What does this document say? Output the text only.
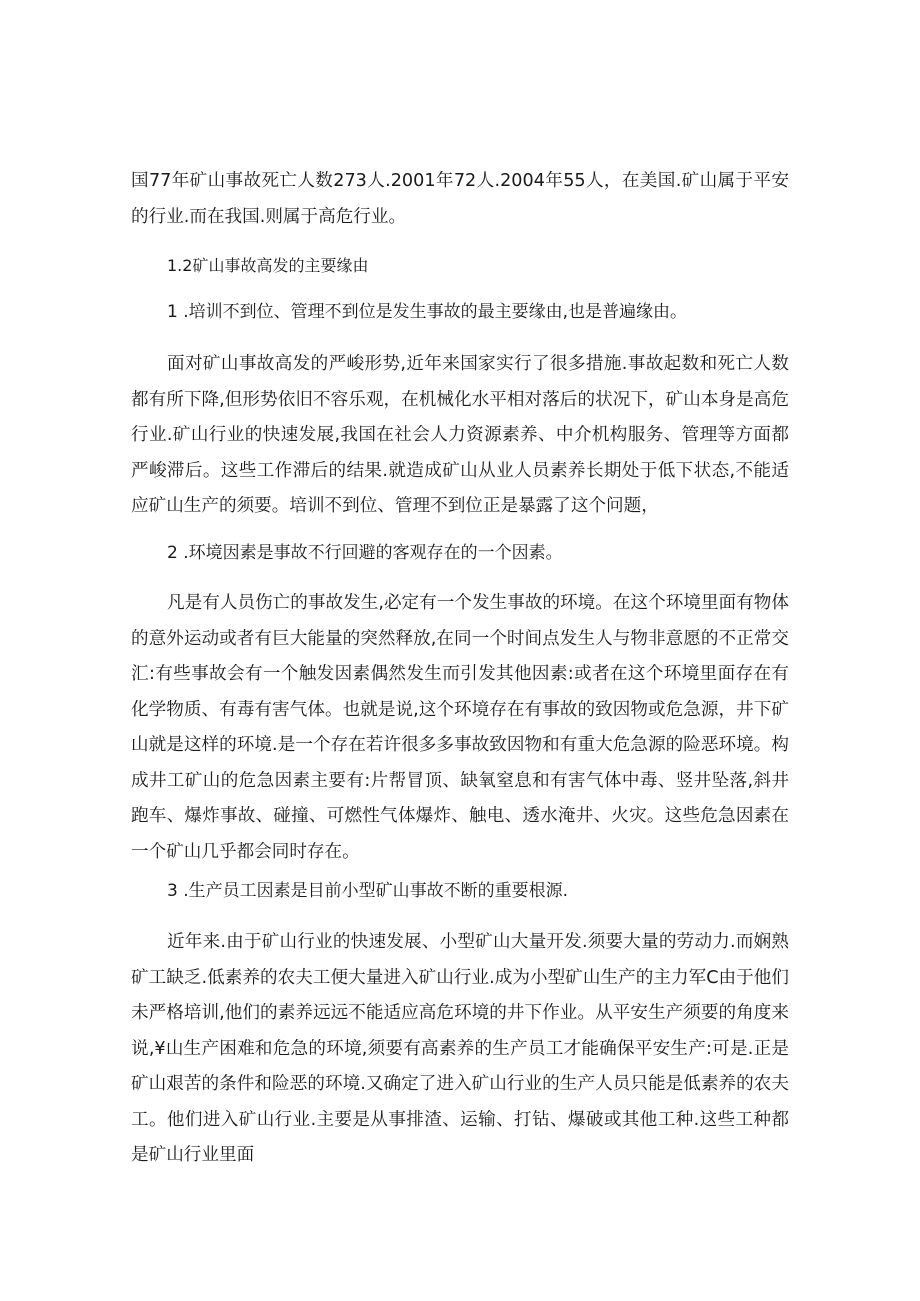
国77年矿山事故死亡人数273人.2001年72人.2004年55人，在美国.矿山属于平安的行业.而在我国.则属于高危行业。

1.2矿山事故高发的主要缘由

1 .培训不到位、管理不到位是发生事故的最主要缘由,也是普遍缘由。

面对矿山事故高发的严峻形势,近年来国家实行了很多措施.事故起数和死亡人数都有所下降,但形势依旧不容乐观，在机械化水平相对落后的状况下，矿山本身是高危行业.矿山行业的快速发展,我国在社会人力资源素养、中介机构服务、管理等方面都严峻滞后。这些工作滞后的结果.就造成矿山从业人员素养长期处于低下状态,不能适应矿山生产的须要。培训不到位、管理不到位正是暴露了这个问题，

2 .环境因素是事故不行回避的客观存在的一个因素。

凡是有人员伤亡的事故发生,必定有一个发生事故的环境。在这个环境里面有物体的意外运动或者有巨大能量的突然释放,在同一个时间点发生人与物非意愿的不正常交汇:有些事故会有一个触发因素偶然发生而引发其他因素:或者在这个环境里面存在有化学物质、有毒有害气体。也就是说,这个环境存在有事故的致因物或危急源，井下矿山就是这样的环境.是一个存在若许很多多事故致因物和有重大危急源的险恶环境。构成井工矿山的危急因素主要有:片帮冒顶、缺氧窒息和有害气体中毒、竖井坠落,斜井跑车、爆炸事故、碰撞、可燃性气体爆炸、触电、透水淹井、火灾。这些危急因素在一个矿山几乎都会同时存在。

3 .生产员工因素是目前小型矿山事故不断的重要根源.

近年来.由于矿山行业的快速发展、小型矿山大量开发.须要大量的劳动力.而娴熟矿工缺乏.低素养的农夫工便大量进入矿山行业.成为小型矿山生产的主力军C由于他们未严格培训,他们的素养远远不能适应高危环境的井下作业。从平安生产须要的角度来说,¥山生产困难和危急的环境,须要有高素养的生产员工才能确保平安生产:可是.正是矿山艰苦的条件和险恶的环境.又确定了进入矿山行业的生产人员只能是低素养的农夫工。他们进入矿山行业.主要是从事排渣、运输、打钻、爆破或其他工种.这些工种都是矿山行业里面
